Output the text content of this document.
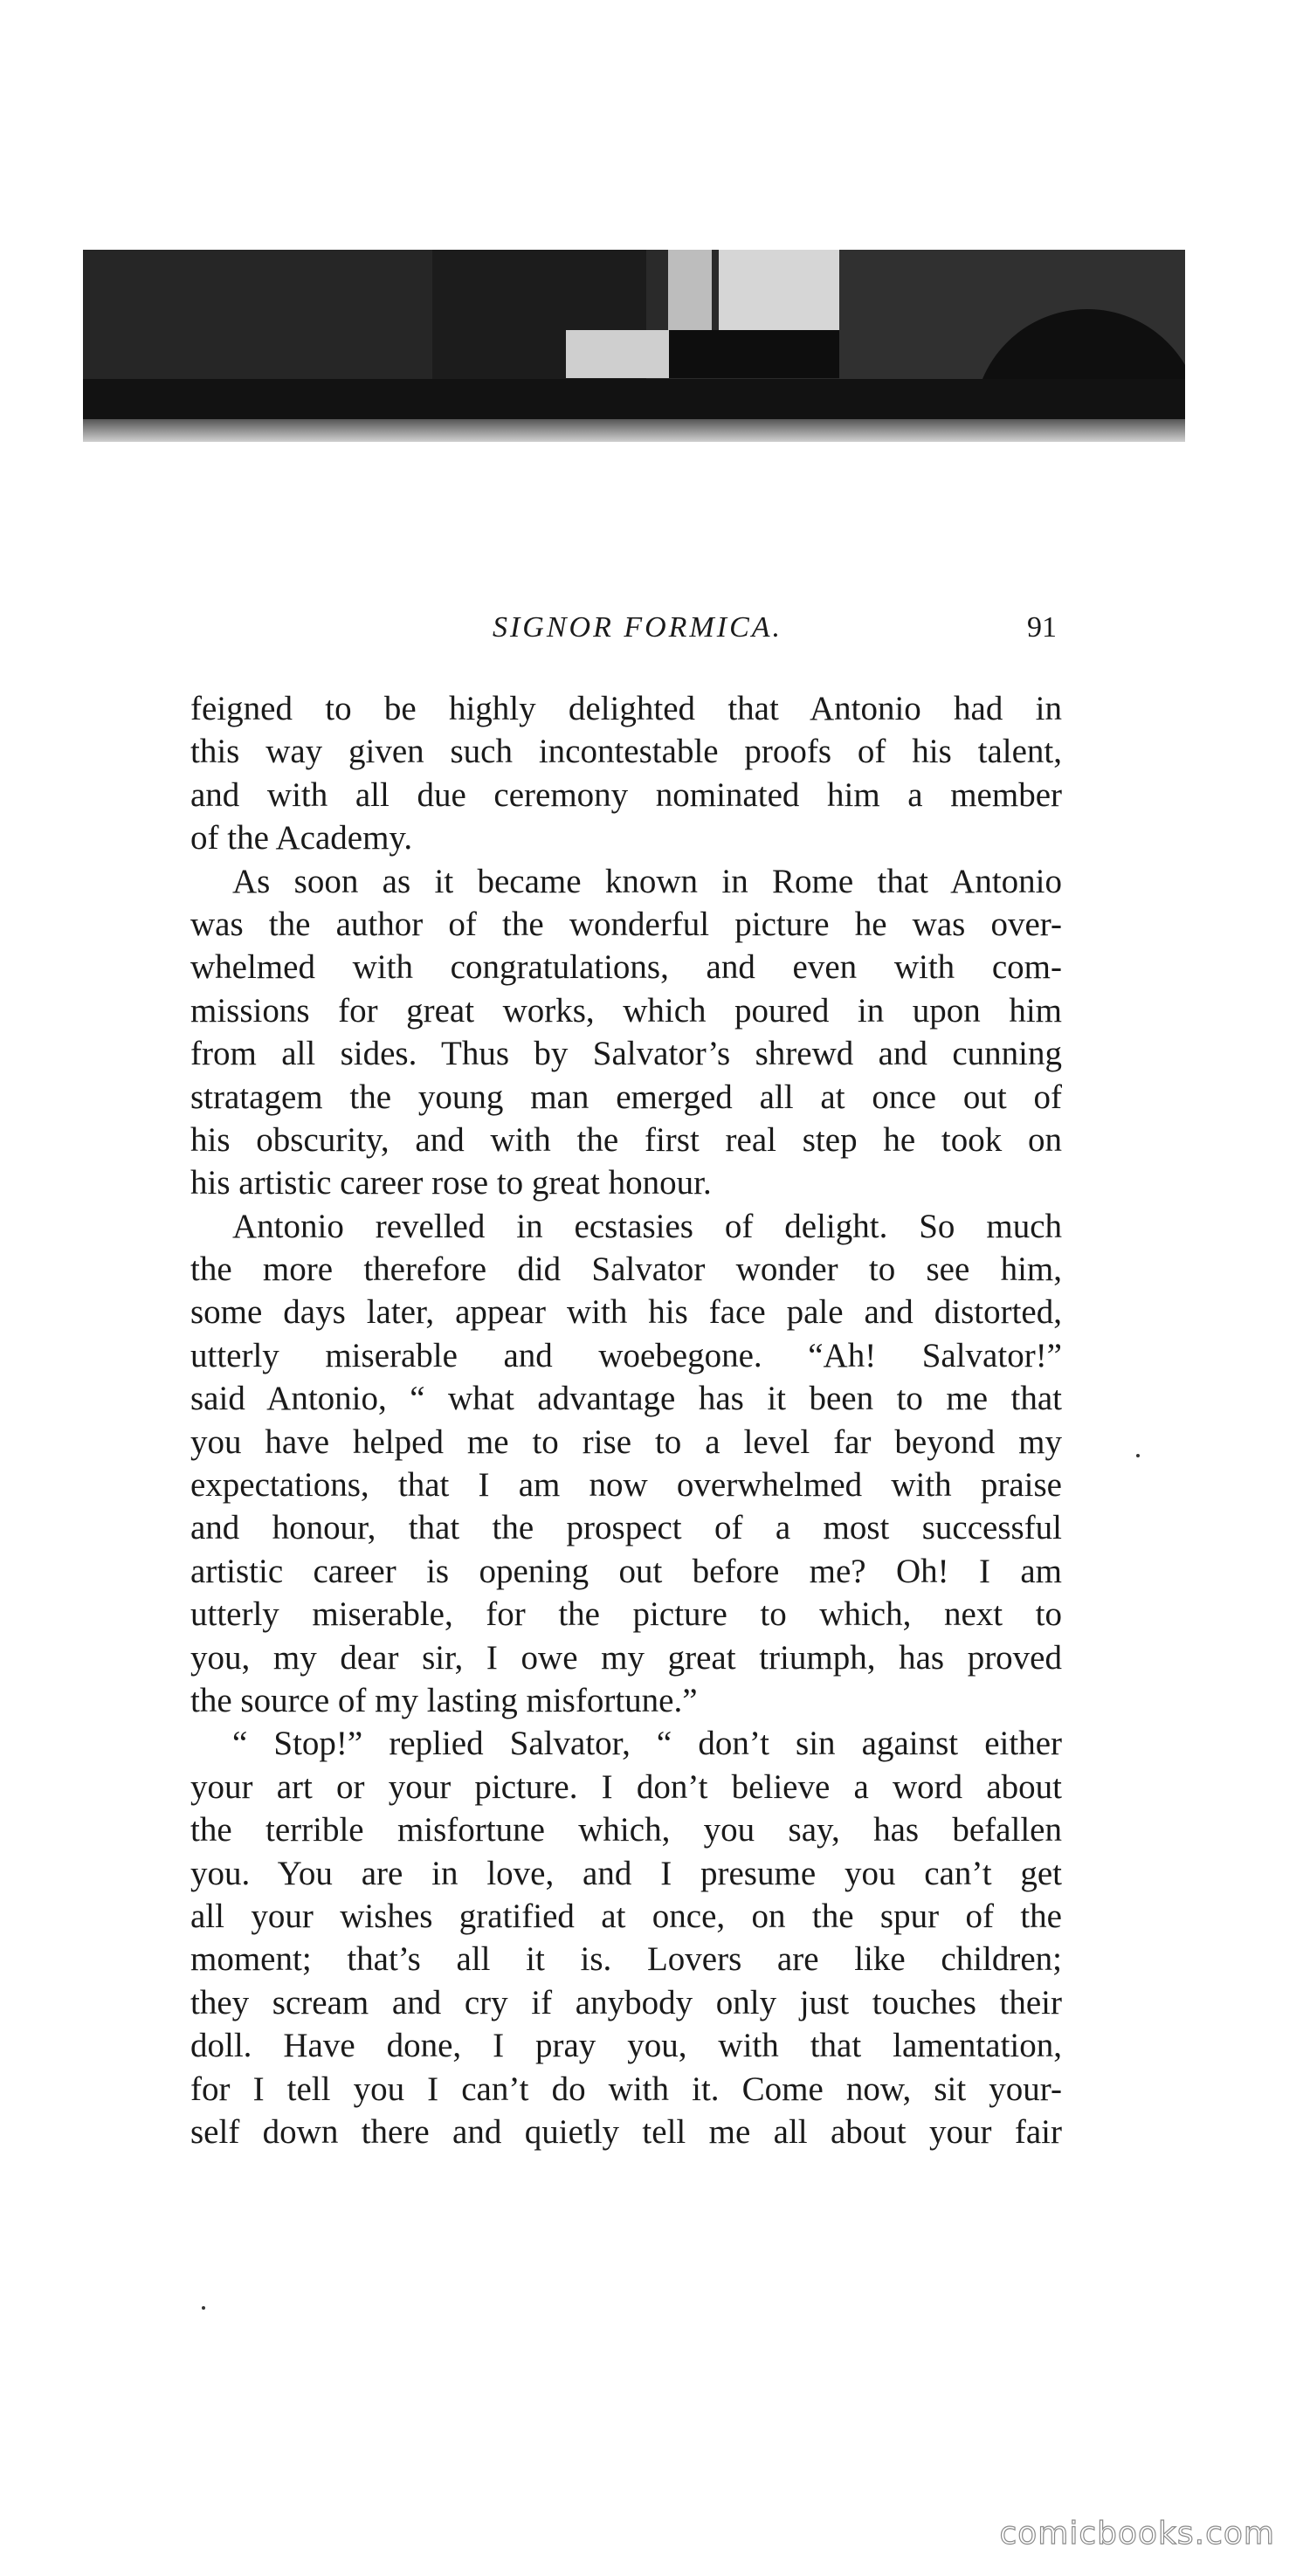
SIGNOR FORMICA.	91
feigned to be highly delighted that Antonio had in
this way given such incontestable proofs of his talent,
and with all due ceremony nominated him a member
of the Academy.
As soon as it became known in Rome that Antonio
was the author of the wonderful picture he was over-
whelmed with congratulations, and even with com-
missions for great works, which poured in upon him
from all sides. Thus by Salvator’s shrewd and cunning
stratagem the young man emerged all at once out of
his obscurity, and with the first real step he took on
his artistic career rose to great honour.
Antonio revelled in ecstasies of delight. So much
the more therefore did Salvator wonder to see him,
some days later, appear with his face pale and distorted,
utterly miserable and woebegone. “Ah! Salvator!”
said Antonio, “ what advantage has it been to me that
you have helped me to rise to a level far beyond my
expectations, that I am now overwhelmed with praise
and honour, that the prospect of a most successful
artistic career is opening out before me? Oh! I am
utterly miserable, for the picture to which, next to
you, my dear sir, I owe my great triumph, has proved
the source of my lasting misfortune.”
“ Stop!” replied Salvator, “ don’t sin against either
your art or your picture. I don’t believe a word about
the terrible misfortune which, you say, has befallen
you. You are in love, and I presume you can’t get
all your wishes gratified at once, on the spur of the
moment; that’s all it is. Lovers are like children;
they scream and cry if anybody only just touches their
doll. Have done, I pray you, with that lamentation,
for I tell you I can’t do with it. Come now, sit your-
self down there and quietly tell me all about your fair
comicbooks.com
